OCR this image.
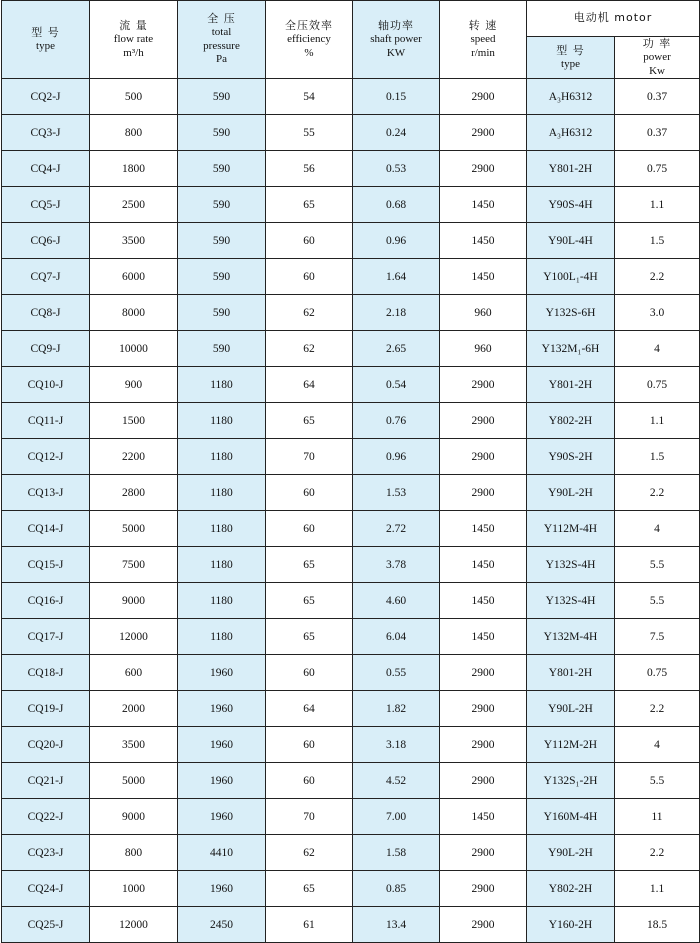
型 号
type	流 量
flow rate
m³/h	全 压
total
pressure
Pa	全压效率
efficiency
%	轴功率
shaft power
KW	转 速
speed
r/min	电动机 motor	

						型 号
type	功 率
power
Kw

CQ2-J	500	590	54	0.15	2900	A₃H6312	0.37
CQ3-J	800	590	55	0.24	2900	A₃H6312	0.37
CQ4-J	1800	590	56	0.53	2900	Y801-2H	0.75
CQ5-J	2500	590	65	0.68	1450	Y90S-4H	1.1
CQ6-J	3500	590	60	0.96	1450	Y90L-4H	1.5
CQ7-J	6000	590	60	1.64	1450	Y100L₁-4H	2.2
CQ8-J	8000	590	62	2.18	960	Y132S-6H	3.0
CQ9-J	10000	590	62	2.65	960	Y132M₁-6H	4
CQ10-J	900	1180	64	0.54	2900	Y801-2H	0.75
CQ11-J	1500	1180	65	0.76	2900	Y802-2H	1.1
CQ12-J	2200	1180	70	0.96	2900	Y90S-2H	1.5
CQ13-J	2800	1180	60	1.53	2900	Y90L-2H	2.2
CQ14-J	5000	1180	60	2.72	1450	Y112M-4H	4
CQ15-J	7500	1180	65	3.78	1450	Y132S-4H	5.5
CQ16-J	9000	1180	65	4.60	1450	Y132S-4H	5.5
CQ17-J	12000	1180	65	6.04	1450	Y132M-4H	7.5
CQ18-J	600	1960	60	0.55	2900	Y801-2H	0.75
CQ19-J	2000	1960	64	1.82	2900	Y90L-2H	2.2
CQ20-J	3500	1960	60	3.18	2900	Y112M-2H	4
CQ21-J	5000	1960	60	4.52	2900	Y132S₁-2H	5.5
CQ22-J	9000	1960	70	7.00	1450	Y160M-4H	11
CQ23-J	800	4410	62	1.58	2900	Y90L-2H	2.2
CQ24-J	1000	1960	65	0.85	2900	Y802-2H	1.1
CQ25-J	12000	2450	61	13.4	2900	Y160-2H	18.5
